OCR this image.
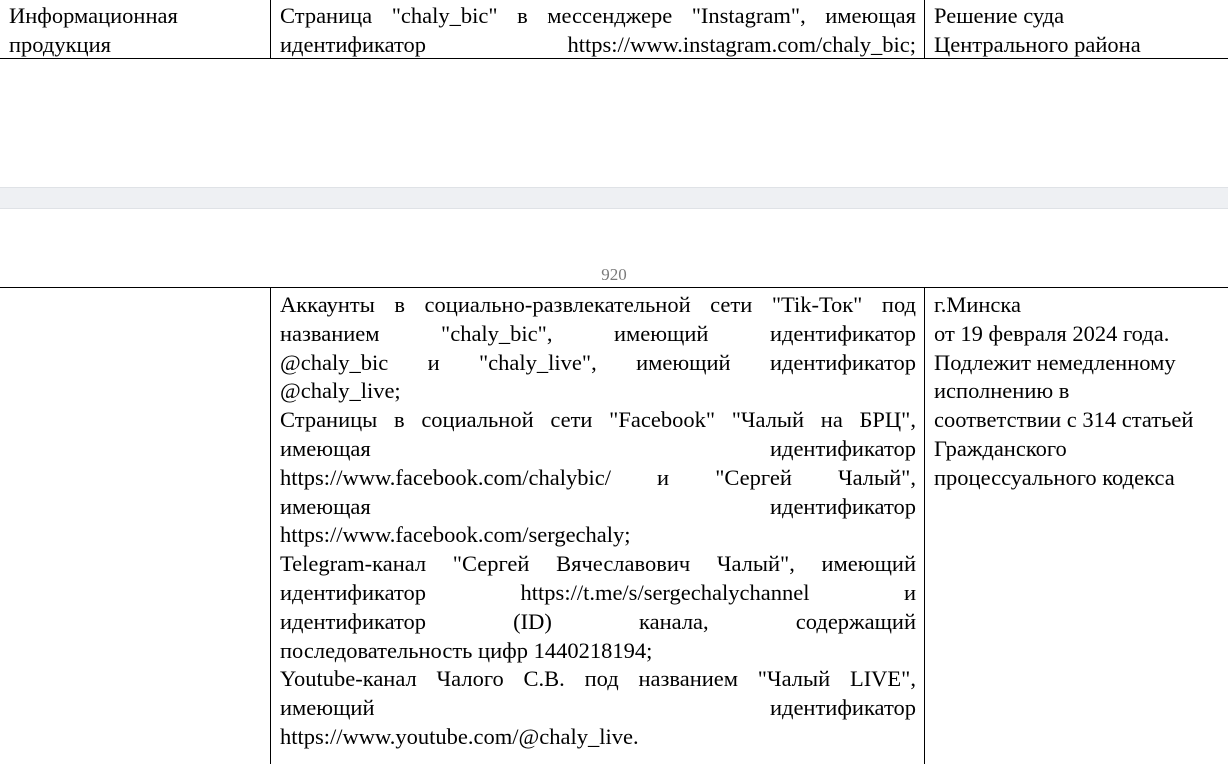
Информационная
продукция
Страница "chaly_bic" в мессенджере "Instagram", имеющая
идентификатор https://www.instagram.com/chaly_bic;
Решение суда
Центрального района
920
Аккаунты в социально-развлекательной сети "Tik-Ток" под
названием "chaly_bic", имеющий идентификатор
@chaly_bic и "chaly_live", имеющий идентификатор
@chaly_live;
Страницы в социальной сети "Facebook" "Чалый на БРЦ",
имеющая идентификатор
https://www.facebook.com/chalybic/ и "Сергей Чалый",
имеющая идентификатор
https://www.facebook.com/sergechaly;
Telegram-канал "Сергей Вячеславович Чалый", имеющий
идентификатор https://t.me/s/sergechalychannel и
идентификатор (ID) канала, содержащий
последовательность цифр 1440218194;
Youtube-канал Чалого С.В. под названием "Чалый LIVE",
имеющий идентификатор
https://www.youtube.com/@chaly_live.
г.Минска
от 19 февраля 2024 года.
Подлежит немедленному
исполнению в
соответствии с 314 статьей
Гражданского
процессуального кодекса
